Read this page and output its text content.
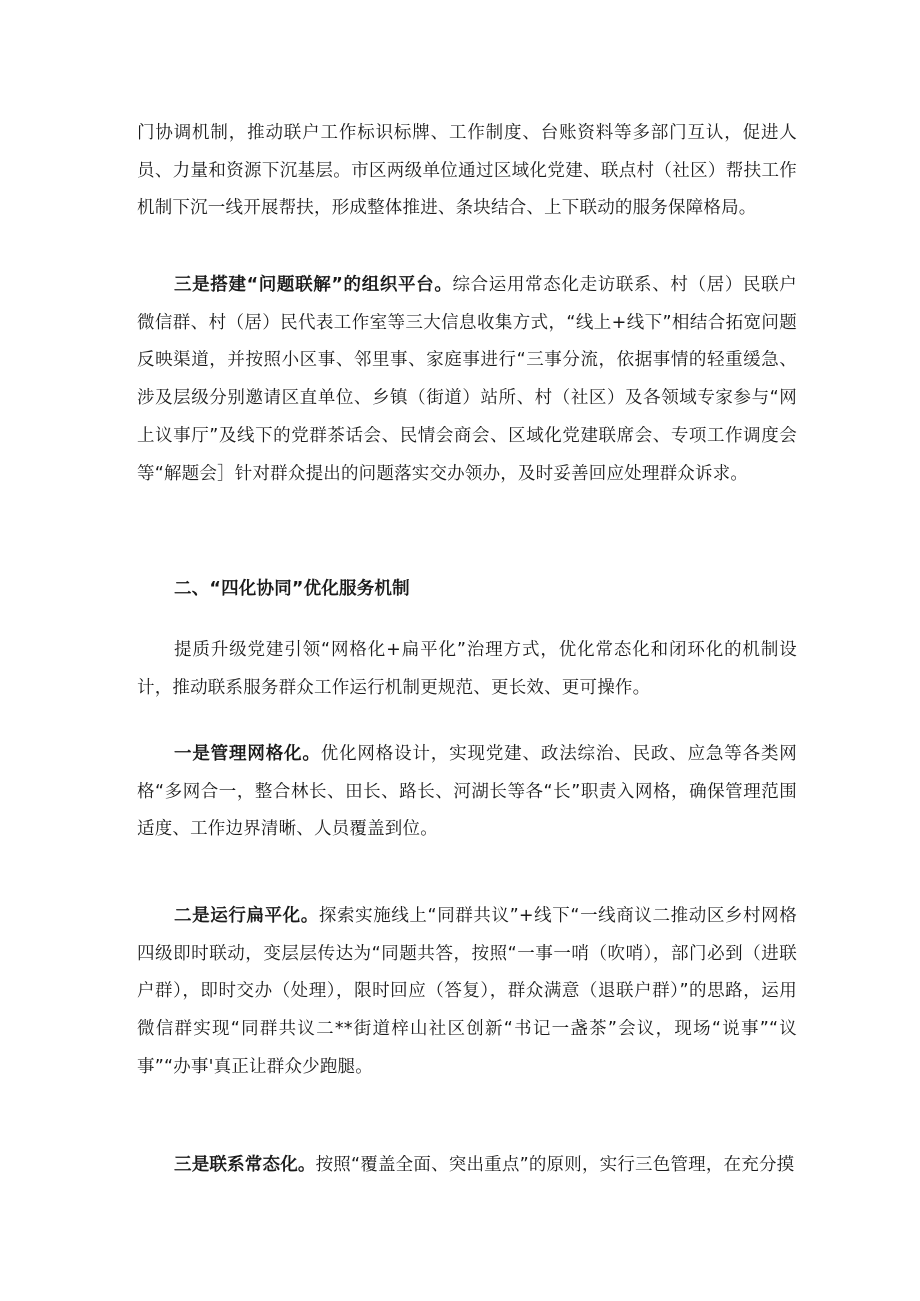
门协调机制，推动联户工作标识标牌、工作制度、台账资料等多部门互认，促进人员、力量和资源下沉基层。市区两级单位通过区域化党建、联点村（社区）帮扶工作机制下沉一线开展帮扶，形成整体推进、条块结合、上下联动的服务保障格局。

三是搭建“问题联解”的组织平台。综合运用常态化走访联系、村（居）民联户微信群、村（居）民代表工作室等三大信息收集方式，“线上+线下”相结合拓宽问题反映渠道，并按照小区事、邻里事、家庭事进行“三事分流，依据事情的轻重缓急、涉及层级分别邀请区直单位、乡镇（街道）站所、村（社区）及各领域专家参与“网上议事厅”及线下的党群茶话会、民情会商会、区域化党建联席会、专项工作调度会等“解题会］针对群众提出的问题落实交办领办，及时妥善回应处理群众诉求。

二、“四化协同”优化服务机制

提质升级党建引领“网格化+扁平化”治理方式，优化常态化和闭环化的机制设计，推动联系服务群众工作运行机制更规范、更长效、更可操作。

一是管理网格化。优化网格设计，实现党建、政法综治、民政、应急等各类网格“多网合一，整合林长、田长、路长、河湖长等各“长”职责入网格，确保管理范围适度、工作边界清晰、人员覆盖到位。

二是运行扁平化。探索实施线上“同群共议”+线下“一线商议二推动区乡村网格四级即时联动，变层层传达为“同题共答，按照“一事一哨（吹哨），部门必到（进联户群），即时交办（处理），限时回应（答复），群众满意（退联户群）”的思路，运用微信群实现“同群共议二**街道梓山社区创新“书记一盏茶”会议，现场“说事”“议事”“办事'真正让群众少跑腿。

三是联系常态化。按照“覆盖全面、突出重点”的原则，实行三色管理，在充分摸
